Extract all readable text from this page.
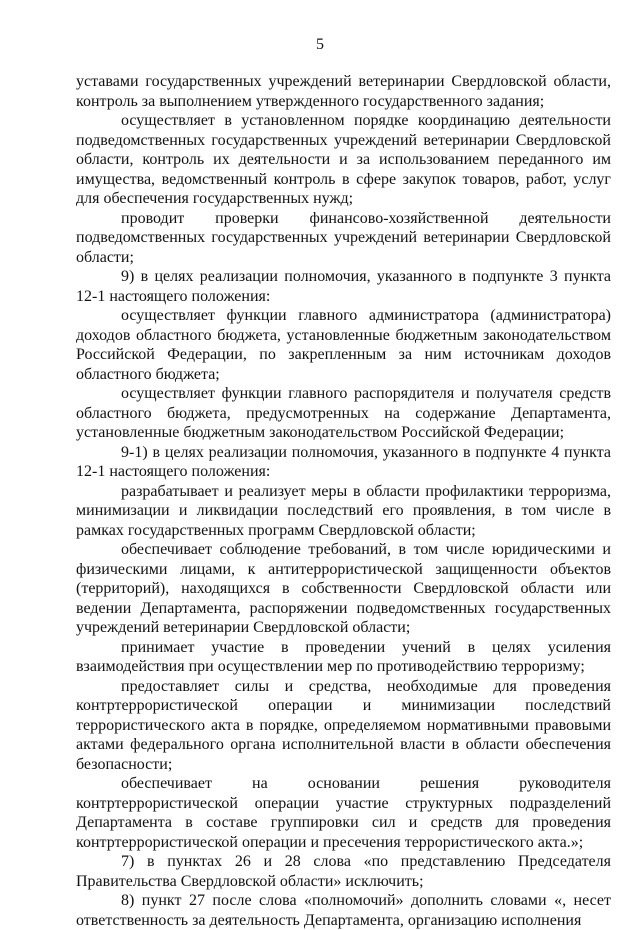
5

уставами государственных учреждений ветеринарии Свердловской области, контроль за выполнением утвержденного государственного задания;

осуществляет в установленном порядке координацию деятельности подведомственных государственных учреждений ветеринарии Свердловской области, контроль их деятельности и за использованием переданного им имущества, ведомственный контроль в сфере закупок товаров, работ, услуг для обеспечения государственных нужд;

проводит проверки финансово-хозяйственной деятельности подведомственных государственных учреждений ветеринарии Свердловской области;

9) в целях реализации полномочия, указанного в подпункте 3 пункта 12-1 настоящего положения:

осуществляет функции главного администратора (администратора) доходов областного бюджета, установленные бюджетным законодательством Российской Федерации, по закрепленным за ним источникам доходов областного бюджета;

осуществляет функции главного распорядителя и получателя средств областного бюджета, предусмотренных на содержание Департамента, установленные бюджетным законодательством Российской Федерации;

9-1) в целях реализации полномочия, указанного в подпункте 4 пункта 12-1 настоящего положения:

разрабатывает и реализует меры в области профилактики терроризма, минимизации и ликвидации последствий его проявления, в том числе в рамках государственных программ Свердловской области;

обеспечивает соблюдение требований, в том числе юридическими и физическими лицами, к антитеррористической защищенности объектов (территорий), находящихся в собственности Свердловской области или ведении Департамента, распоряжении подведомственных государственных учреждений ветеринарии Свердловской области;

принимает участие в проведении учений в целях усиления взаимодействия при осуществлении мер по противодействию терроризму;

предоставляет силы и средства, необходимые для проведения контртеррористической операции и минимизации последствий террористического акта в порядке, определяемом нормативными правовыми актами федерального органа исполнительной власти в области обеспечения безопасности;

обеспечивает на основании решения руководителя контртеррористической операции участие структурных подразделений Департамента в составе группировки сил и средств для проведения контртеррористической операции и пресечения террористического акта.»;

7) в пунктах 26 и 28 слова «по представлению Председателя Правительства Свердловской области» исключить;

8) пункт 27 после слова «полномочий» дополнить словами «, несет ответственность за деятельность Департамента, организацию исполнения
